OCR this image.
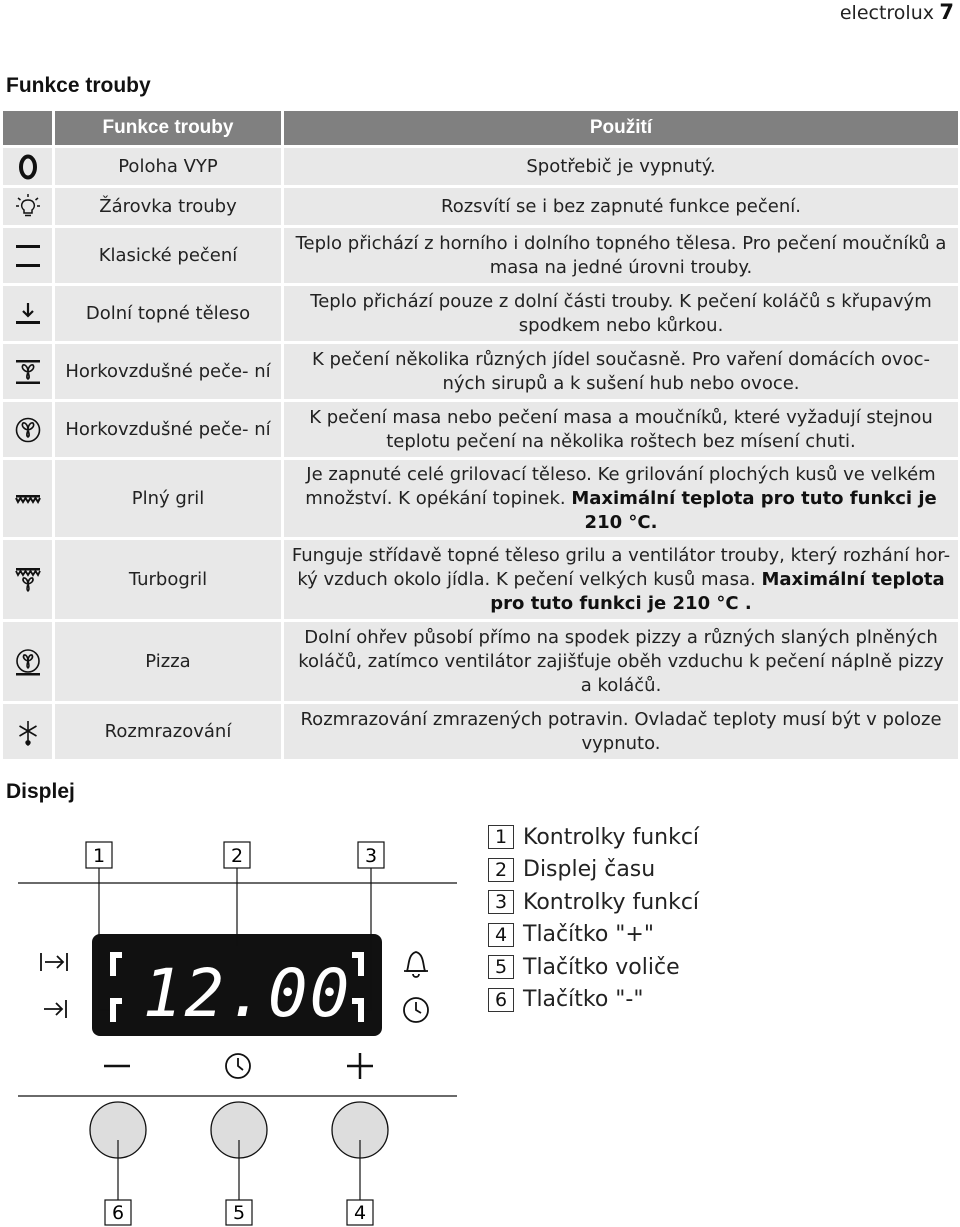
electrolux 7
Funkce trouby
	Funkce trouby	Použití

	Poloha VYP	Spotřebič je vypnutý.

	Žárovka trouby	Rozsvítí se i bez zapnuté funkce pečení.

	Klasické pečení	Teplo přichází z horního i dolního topného tělesa. Pro pečení moučníků a masa na jedné úrovni trouby.

	Dolní topné těleso	Teplo přichází pouze z dolní části trouby. K pečení koláčů s křupavým spodkem nebo kůrkou.

	Horkovzdušné peče- ní	K pečení několika různých jídel současně. Pro vaření domácích ovoc- ných sirupů a k sušení hub nebo ovoce.

	Horkovzdušné peče- ní	K pečení masa nebo pečení masa a moučníků, které vyžadují stejnou teplotu pečení na několika roštech bez mísení chuti.

	Plný gril	Je zapnuté celé grilovací těleso. Ke grilování plochých kusů ve velkém množství. K opékání topinek. Maximální teplota pro tuto funkci je 210 °C.

	Turbogril	Funguje střídavě topné těleso grilu a ventilátor trouby, který rozhání hor- ký vzduch okolo jídla. K pečení velkých kusů masa. Maximální teplota pro tuto funkci je 210 °C .

	Pizza	Dolní ohřev působí přímo na spodek pizzy a různých slaných plněných koláčů, zatímco ventilátor zajišťuje oběh vzduchu k pečení náplně pizzy a koláčů.

	Rozmrazování	Rozmrazování zmrazených potravin. Ovladač teploty musí být v poloze vypnuto.
Displej
1	2	3
12.00
6	5	4
1 Kontrolky funkcí
2 Displej času
3 Kontrolky funkcí
4 Tlačítko "+"
5 Tlačítko voliče
6 Tlačítko "-"
